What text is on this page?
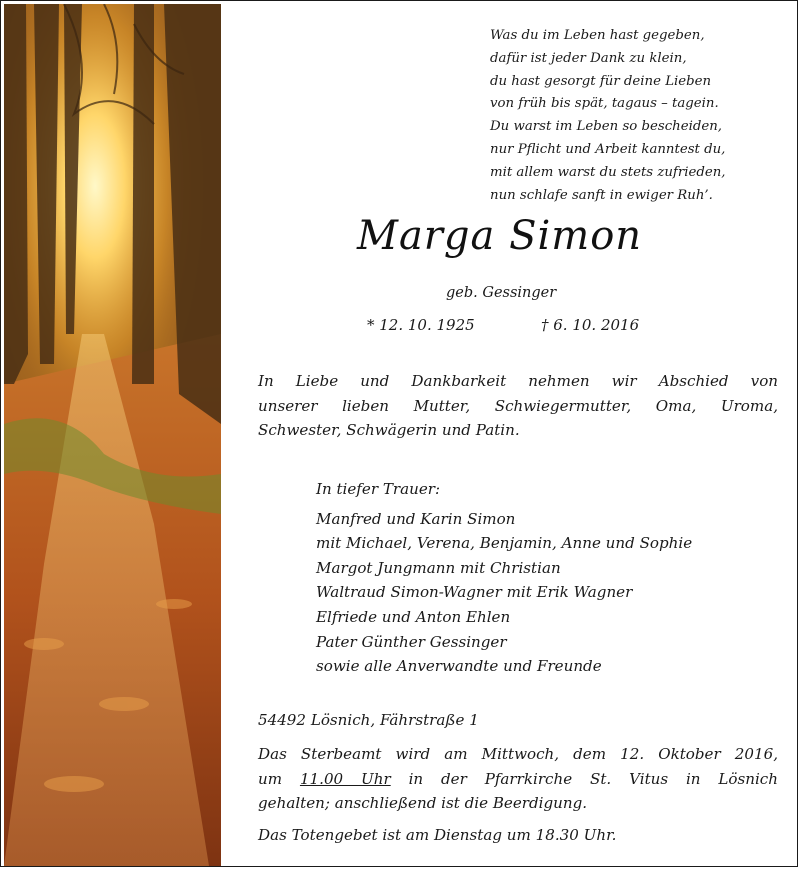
Was du im Leben hast gegeben,
dafür ist jeder Dank zu klein,
du hast gesorgt für deine Lieben
von früh bis spät, tagaus – tagein.
Du warst im Leben so bescheiden,
nur Pflicht und Arbeit kanntest du,
mit allem warst du stets zufrieden,
nun schlafe sanft in ewiger Ruh’.
Marga Simon
geb. Gessinger
* 12. 10. 1925	† 6. 10. 2016

In Liebe und Dankbarkeit nehmen wir Abschied von
unserer lieben Mutter, Schwiegermutter, Oma, Uroma,
Schwester, Schwägerin und Patin.

In tiefer Trauer:
Manfred und Karin Simon
mit Michael, Verena, Benjamin, Anne und Sophie
Margot Jungmann mit Christian
Waltraud Simon-Wagner mit Erik Wagner
Elfriede und Anton Ehlen
Pater Günther Gessinger
sowie alle Anverwandte und Freunde

54492 Lösnich, Fährstraße 1

Das Sterbeamt wird am Mittwoch, dem 12. Oktober 2016,
um 11.00 Uhr in der Pfarrkirche St. Vitus in Lösnich
gehalten; anschließend ist die Beerdigung.

Das Totengebet ist am Dienstag um 18.30 Uhr.
